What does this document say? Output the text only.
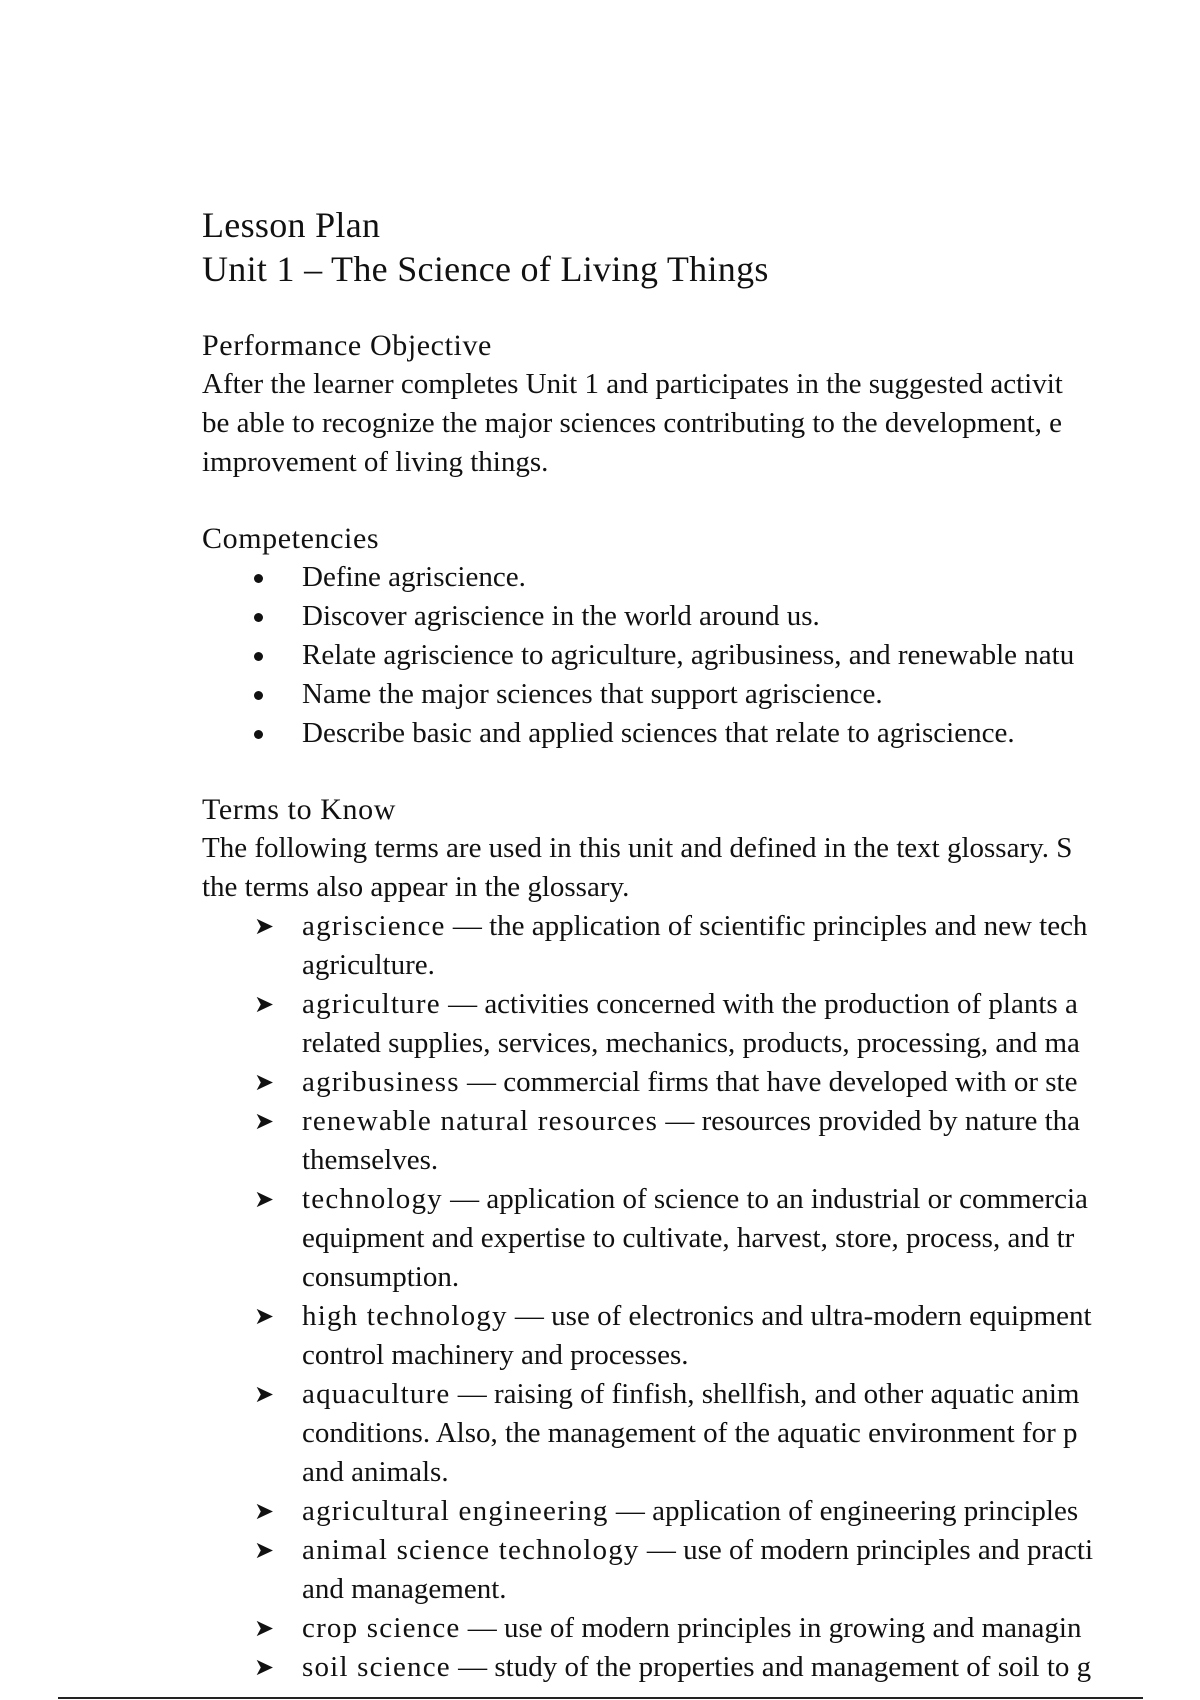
Lesson Plan
Unit 1 – The Science of Living Things
Performance Objective
After the learner completes Unit 1 and participates in the suggested activit
be able to recognize the major sciences contributing to the development, e
improvement of living things.
Competencies
Define agriscience.
Discover agriscience in the world around us.
Relate agriscience to agriculture, agribusiness, and renewable natu
Name the major sciences that support agriscience.
Describe basic and applied sciences that relate to agriscience.
Terms to Know
The following terms are used in this unit and defined in the text glossary. S
the terms also appear in the glossary.
➤ agriscience — the application of scientific principles and new tech
agriculture.
➤ agriculture — activities concerned with the production of plants a
related supplies, services, mechanics, products, processing, and ma
➤ agribusiness — commercial firms that have developed with or ste
➤ renewable natural resources — resources provided by nature tha
themselves.
➤ technology — application of science to an industrial or commercia
equipment and expertise to cultivate, harvest, store, process, and tr
consumption.
➤ high technology — use of electronics and ultra-modern equipment
control machinery and processes.
➤ aquaculture — raising of finfish, shellfish, and other aquatic anim
conditions. Also, the management of the aquatic environment for p
and animals.
➤ agricultural engineering — application of engineering principles
➤ animal science technology — use of modern principles and practi
and management.
➤ crop science — use of modern principles in growing and managin
➤ soil science — study of the properties and management of soil to g
